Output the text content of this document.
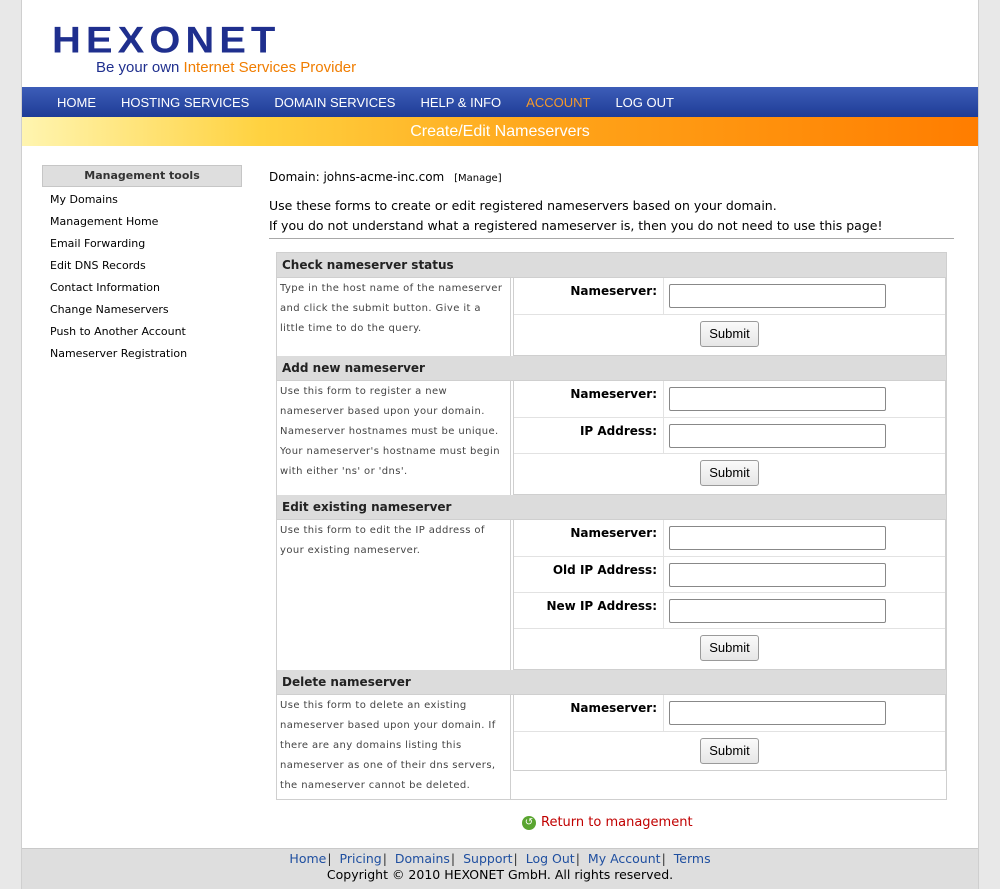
HEXONET
Be your own Internet Services Provider
HOME HOSTING SERVICES DOMAIN SERVICES HELP & INFO ACCOUNT LOG OUT
Create/Edit Nameservers
Management tools
My Domains
Management Home
Email Forwarding
Edit DNS Records
Contact Information
Change Nameservers
Push to Another Account
Nameserver Registration
Domain: johns-acme-inc.com [Manage]
Use these forms to create or edit registered nameservers based on your domain.
If you do not understand what a registered nameserver is, then you do not need to use this page!
Check nameserver status
Type in the host name of the nameserver and click the submit button. Give it a little time to do the query.
Nameserver:
Submit
Add new nameserver
Use this form to register a new nameserver based upon your domain. Nameserver hostnames must be unique. Your nameserver's hostname must begin with either 'ns' or 'dns'.
Nameserver:
IP Address:
Submit
Edit existing nameserver
Use this form to edit the IP address of your existing nameserver.
Nameserver:
Old IP Address:
New IP Address:
Submit
Delete nameserver
Use this form to delete an existing nameserver based upon your domain. If there are any domains listing this nameserver as one of their dns servers, the nameserver cannot be deleted.
Nameserver:
Submit
↺ Return to management
Home| Pricing| Domains| Support| Log Out| My Account| Terms
Copyright © 2010 HEXONET GmbH. All rights reserved.
